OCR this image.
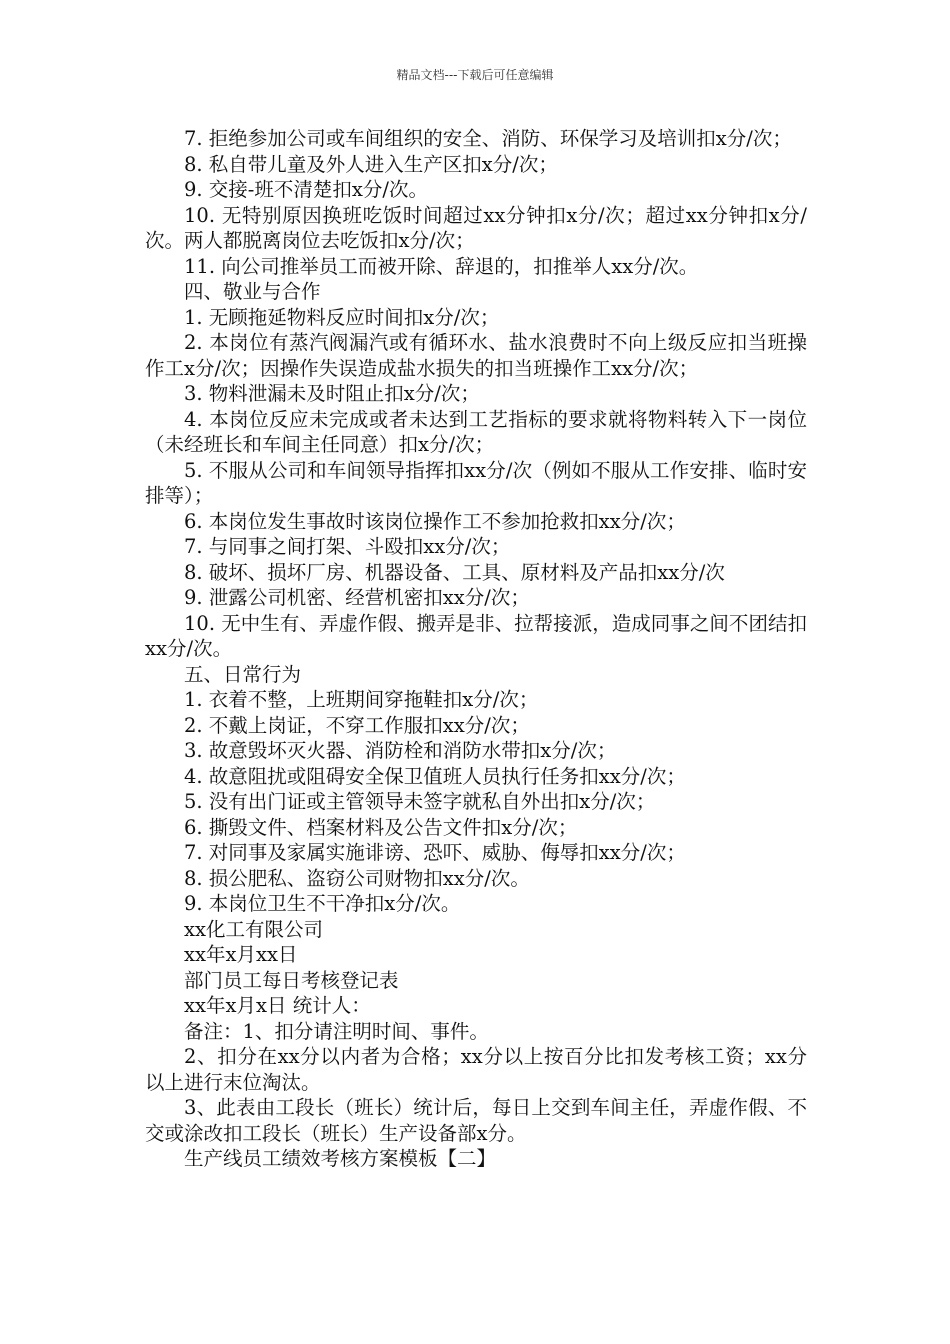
精品文档---下载后可任意编辑
7. 拒绝参加公司或车间组织的安全、消防、环保学习及培训扣x分/次；
8. 私自带儿童及外人进入生产区扣x分/次；
9. 交接-班不清楚扣x分/次。
10. 无特别原因换班吃饭时间超过xx分钟扣x分/次；超过xx分钟扣x分/次。两人都脱离岗位去吃饭扣x分/次；
11. 向公司推举员工而被开除、辞退的，扣推举人xx分/次。
四、敬业与合作
1. 无顾拖延物料反应时间扣x分/次；
2. 本岗位有蒸汽阀漏汽或有循环水、盐水浪费时不向上级反应扣当班操作工x分/次；因操作失误造成盐水损失的扣当班操作工xx分/次；
3. 物料泄漏未及时阻止扣x分/次；
4. 本岗位反应未完成或者未达到工艺指标的要求就将物料转入下一岗位（未经班长和车间主任同意）扣x分/次；
5. 不服从公司和车间领导指挥扣xx分/次（例如不服从工作安排、临时安排等）；
6. 本岗位发生事故时该岗位操作工不参加抢救扣xx分/次；
7. 与同事之间打架、斗殴扣xx分/次；
8. 破坏、损坏厂房、机器设备、工具、原材料及产品扣xx分/次
9. 泄露公司机密、经营机密扣xx分/次；
10. 无中生有、弄虚作假、搬弄是非、拉帮接派，造成同事之间不团结扣xx分/次。
五、日常行为
1. 衣着不整，上班期间穿拖鞋扣x分/次；
2. 不戴上岗证，不穿工作服扣xx分/次；
3. 故意毁坏灭火器、消防栓和消防水带扣x分/次；
4. 故意阻扰或阻碍安全保卫值班人员执行任务扣xx分/次；
5. 没有出门证或主管领导未签字就私自外出扣x分/次；
6. 撕毁文件、档案材料及公告文件扣x分/次；
7. 对同事及家属实施诽谤、恐吓、威胁、侮辱扣xx分/次；
8. 损公肥私、盗窃公司财物扣xx分/次。
9. 本岗位卫生不干净扣x分/次。
xx化工有限公司
xx年x月xx日
部门员工每日考核登记表
xx年x月x日 统计人：
备注：1、扣分请注明时间、事件。
2、扣分在xx分以内者为合格；xx分以上按百分比扣发考核工资；xx分以上进行末位淘汰。
3、此表由工段长（班长）统计后，每日上交到车间主任，弄虚作假、不交或涂改扣工段长（班长）生产设备部x分。
生产线员工绩效考核方案模板【二】
